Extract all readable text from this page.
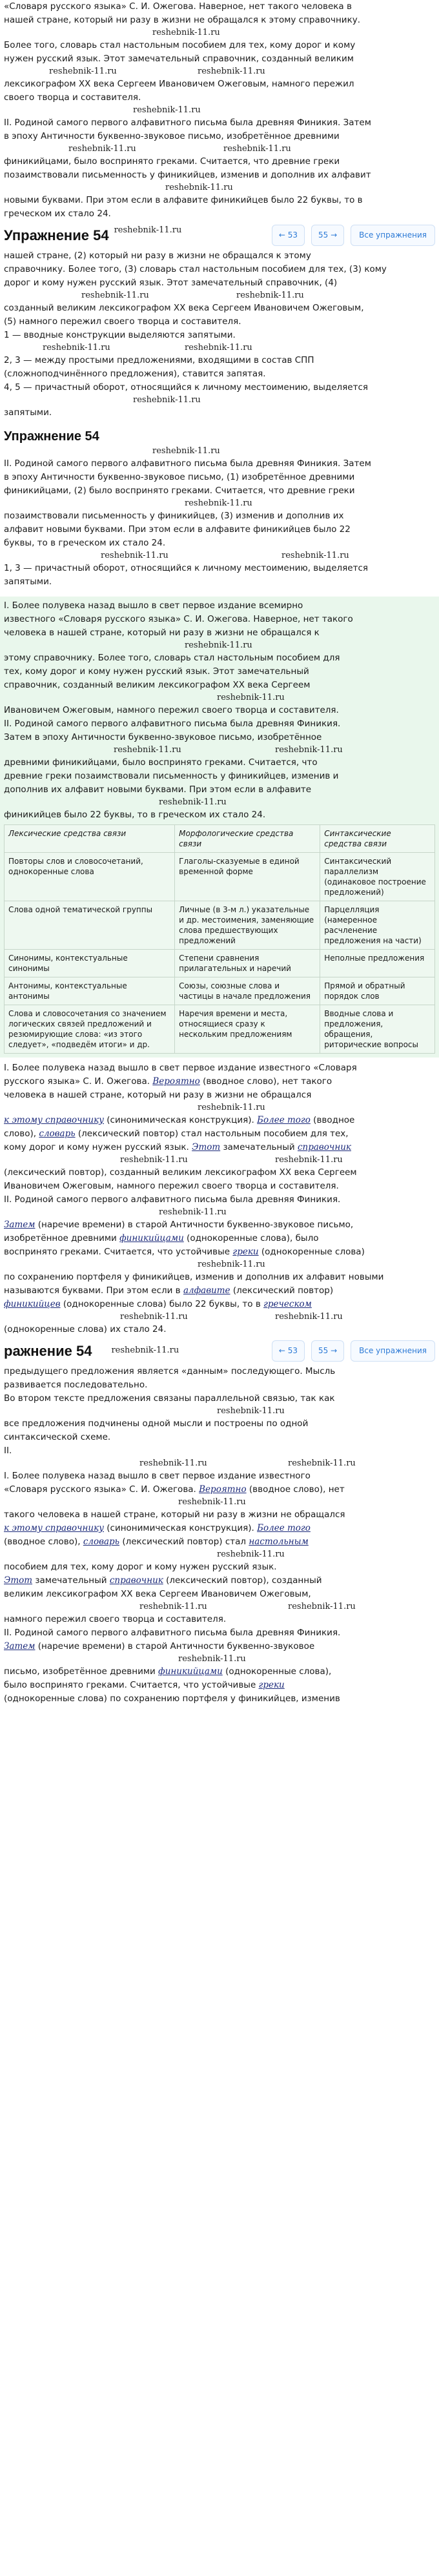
«Словаря русского языка» С. И. Ожегова. Наверное, нет такого человека в

нашей стране, который ни разу в жизни не обращался к этому справочнику.

reshebnik-11.ru

Более того, словарь стал настольным пособием для тех, кому дорог и кому

нужен русский язык. Этот замечательный справочник, созданный великим

reshebnik-11.ru	reshebnik-11.ru

лексикографом XX века Сергеем Ивановичем Ожеговым, намного пережил

своего творца и составителя.

reshebnik-11.ru

II. Родиной самого первого алфавитного письма была древняя Финикия. Затем

в эпоху Античности буквенно-звуковое письмо, изобретённое древними

reshebnik-11.ru	reshebnik-11.ru

финикийцами, было воспринято греками. Считается, что древние греки

позаимствовали письменность у финикийцев, изменив и дополнив их алфавит

reshebnik-11.ru

новыми буквами. При этом если в алфавите финикийцев было 22 буквы, то в

греческом их стало 24.

Упражнение 54 reshebnik-11.ru	← 53	55 →	Все упражнения

нашей стране, (2) который ни разу в жизни не обращался к этому

справочнику. Более того, (3) словарь стал настольным пособием для тех, (3) кому

дорог и кому нужен русский язык. Этот замечательный справочник, (4)

reshebnik-11.ru	reshebnik-11.ru

созданный великим лексикографом XX века Сергеем Ивановичем Ожеговым,

(5) намного пережил своего творца и составителя.

1 — вводные конструкции выделяются запятыми.

reshebnik-11.ru	reshebnik-11.ru

2, 3 — между простыми предложениями, входящими в состав СПП

(сложноподчинённого предложения), ставится запятая.

4, 5 — причастный оборот, относящийся к личному местоимению, выделяется

reshebnik-11.ru

запятыми.

Упражнение 54
reshebnik-11.ru

II. Родиной самого первого алфавитного письма была древняя Финикия. Затем

в эпоху Античности буквенно-звуковое письмо, (1) изобретённое древними

финикийцами, (2) было воспринято греками. Считается, что древние греки

reshebnik-11.ru

позаимствовали письменность у финикийцев, (3) изменив и дополнив их

алфавит новыми буквами. При этом если в алфавите финикийцев было 22

буквы, то в греческом их стало 24.

reshebnik-11.ru	reshebnik-11.ru

1, 3 — причастный оборот, относящийся к личному местоимению, выделяется

запятыми.

I. Более полувека назад вышло в свет первое издание всемирно

известного «Словаря русского языка» С. И. Ожегова. Наверное, нет такого

человека в нашей стране, который ни разу в жизни не обращался к

reshebnik-11.ru

этому справочнику. Более того, словарь стал настольным пособием для

тех, кому дорог и кому нужен русский язык. Этот замечательный

справочник, созданный великим лексикографом XX века Сергеем

reshebnik-11.ru

Ивановичем Ожеговым, намного пережил своего творца и составителя.

II. Родиной самого первого алфавитного письма была древняя Финикия.

Затем в эпоху Античности буквенно-звуковое письмо, изобретённое

reshebnik-11.ru	reshebnik-11.ru

древними финикийцами, было воспринято греками. Считается, что

древние греки позаимствовали письменность у финикийцев, изменив и

дополнив их алфавит новыми буквами. При этом если в алфавите

reshebnik-11.ru

финикийцев было 22 буквы, то в греческом их стало 24.

Лексические средства связи	Морфологические средства связи	Синтаксические средства связи
Повторы слов и словосочетаний, однокоренные слова	Глаголы-сказуемые в единой временной форме	Синтаксический параллелизм (одинаковое построение предложений)
Слова одной тематической группы	Личные (в 3-м л.) указательные и др. местоимения, заменяющие слова предшествующих предложений	Парцелляция (намеренное расчленение предложения на части)
Синонимы, контекстуальные синонимы	Степени сравнения прилагательных и наречий	Неполные предложения
Антонимы, контекстуальные антонимы	Союзы, союзные слова и частицы в начале предложения	Прямой и обратный порядок слов
Слова и словосочетания со значением логических связей предложений и резюмирующие слова: «из этого следует», «подведём итоги» и др.	Наречия времени и места, относящиеся сразу к нескольким предложениям	Вводные слова и предложения, обращения, риторические вопросы

I. Более полувека назад вышло в свет первое издание известного «Словаря

русского языка» С. И. Ожегова. Вероятно (вводное слово), нет такого

человека в нашей стране, который ни разу в жизни не обращался

reshebnik-11.ru

к этому справочнику (синонимическая конструкция). Более того (вводное

слово), словарь (лексический повтор) стал настольным пособием для тех,

кому дорог и кому нужен русский язык. Этот замечательный справочник

reshebnik-11.ru	reshebnik-11.ru

(лексический повтор), созданный великим лексикографом XX века Сергеем

Ивановичем Ожеговым, намного пережил своего творца и составителя.

II. Родиной самого первого алфавитного письма была древняя Финикия.

reshebnik-11.ru

Затем (наречие времени) в старой Античности буквенно-звуковое письмо,

изобретённое древними финикийцами (однокоренные слова), было

воспринято греками. Считается, что устойчивые греки (однокоренные слова)

reshebnik-11.ru

по сохранению портфеля у финикийцев, изменив и дополнив их алфавит новыми

называются буквами. При этом если в алфавите (лексический повтор)

финикийцев (однокоренные слова) было 22 буквы, то в греческом

reshebnik-11.ru	reshebnik-11.ru

(однокоренные слова) их стало 24.

ражнение 54 reshebnik-11.ru	← 53	55 →	Все упражнения

предыдущего предложения является «данным» последующего. Мысль

развивается последовательно.

Во втором тексте предложения связаны параллельной связью, так как

reshebnik-11.ru

все предложения подчинены одной мысли и построены по одной

синтаксической схеме.

II.

reshebnik-11.ru	reshebnik-11.ru

I. Более полувека назад вышло в свет первое издание известного

«Словаря русского языка» С. И. Ожегова. Вероятно (вводное слово), нет

reshebnik-11.ru

такого человека в нашей стране, который ни разу в жизни не обращался

к этому справочнику (синонимическая конструкция). Более того

(вводное слово), словарь (лексический повтор) стал настольным

reshebnik-11.ru

пособием для тех, кому дорог и кому нужен русский язык.

Этот замечательный справочник (лексический повтор), созданный

великим лексикографом XX века Сергеем Ивановичем Ожеговым,

reshebnik-11.ru	reshebnik-11.ru

намного пережил своего творца и составителя.

II. Родиной самого первого алфавитного письма была древняя Финикия.

Затем (наречие времени) в старой Античности буквенно-звуковое

reshebnik-11.ru

письмо, изобретённое древними финикийцами (однокоренные слова),

было воспринято греками. Считается, что устойчивые греки

(однокоренные слова) по сохранению портфеля у финикийцев, изменив
